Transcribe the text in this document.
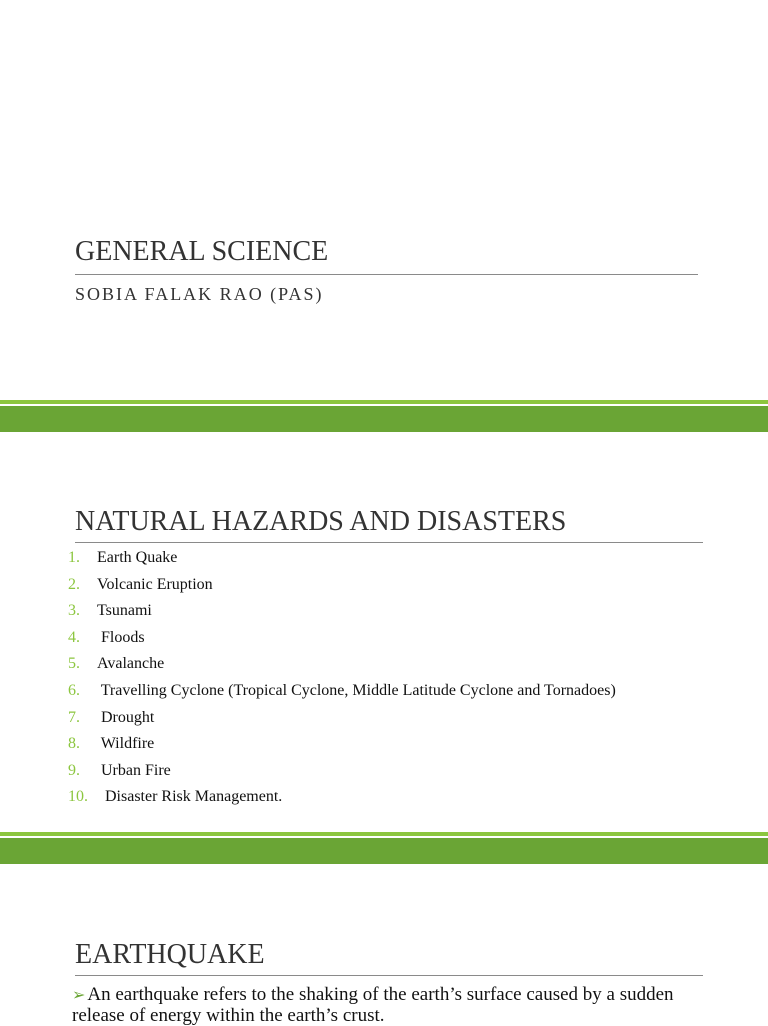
GENERAL SCIENCE
SOBIA FALAK RAO (PAS)
NATURAL HAZARDS AND DISASTERS
1. Earth Quake
2. Volcanic Eruption
3. Tsunami
4. Floods
5. Avalanche
6. Travelling Cyclone (Tropical Cyclone, Middle Latitude Cyclone and Tornadoes)
7. Drought
8. Wildfire
9. Urban Fire
10. Disaster Risk Management.
EARTHQUAKE
➢ An earthquake refers to the shaking of the earth’s surface caused by a sudden release of energy within the earth’s crust.
